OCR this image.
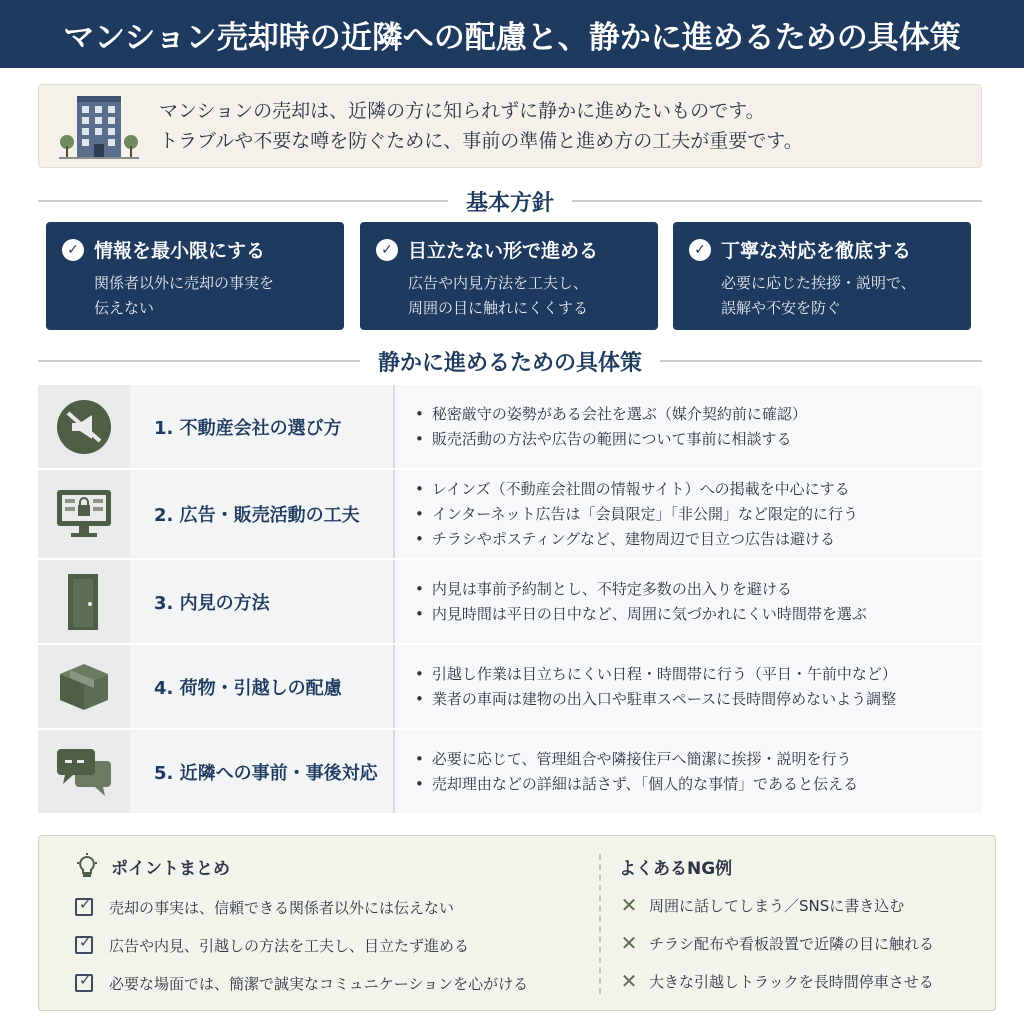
マンション売却時の近隣への配慮と、静かに進めるための具体策
マンションの売却は、近隣の方に知られずに静かに進めたいものです。
トラブルや不要な噂を防ぐために、事前の準備と進め方の工夫が重要です。
基本方針
✓ 情報を最小限にする
関係者以外に売却の事実を
伝えない
✓ 目立たない形で進める
広告や内見方法を工夫し、
周囲の目に触れにくくする
✓ 丁寧な対応を徹底する
必要に応じた挨拶・説明で、
誤解や不安を防ぐ
静かに進めるための具体策
1. 不動産会社の選び方
• 秘密厳守の姿勢がある会社を選ぶ（媒介契約前に確認）
• 販売活動の方法や広告の範囲について事前に相談する
2. 広告・販売活動の工夫
• レインズ（不動産会社間の情報サイト）への掲載を中心にする
• インターネット広告は「会員限定」「非公開」など限定的に行う
• チラシやポスティングなど、建物周辺で目立つ広告は避ける
3. 内見の方法
• 内見は事前予約制とし、不特定多数の出入りを避ける
• 内見時間は平日の日中など、周囲に気づかれにくい時間帯を選ぶ
4. 荷物・引越しの配慮
• 引越し作業は目立ちにくい日程・時間帯に行う（平日・午前中など）
• 業者の車両は建物の出入口や駐車スペースに長時間停めないよう調整
5. 近隣への事前・事後対応
• 必要に応じて、管理組合や隣接住戸へ簡潔に挨拶・説明を行う
• 売却理由などの詳細は話さず、「個人的な事情」であると伝える
ポイントまとめ
✓
売却の事実は、信頼できる関係者以外には伝えない
✓
広告や内見、引越しの方法を工夫し、目立たず進める
✓
必要な場面では、簡潔で誠実なコミュニケーションを心がける
よくあるNG例
✕ 周囲に話してしまう／SNSに書き込む
✕ チラシ配布や看板設置で近隣の目に触れる
✕ 大きな引越しトラックを長時間停車させる
